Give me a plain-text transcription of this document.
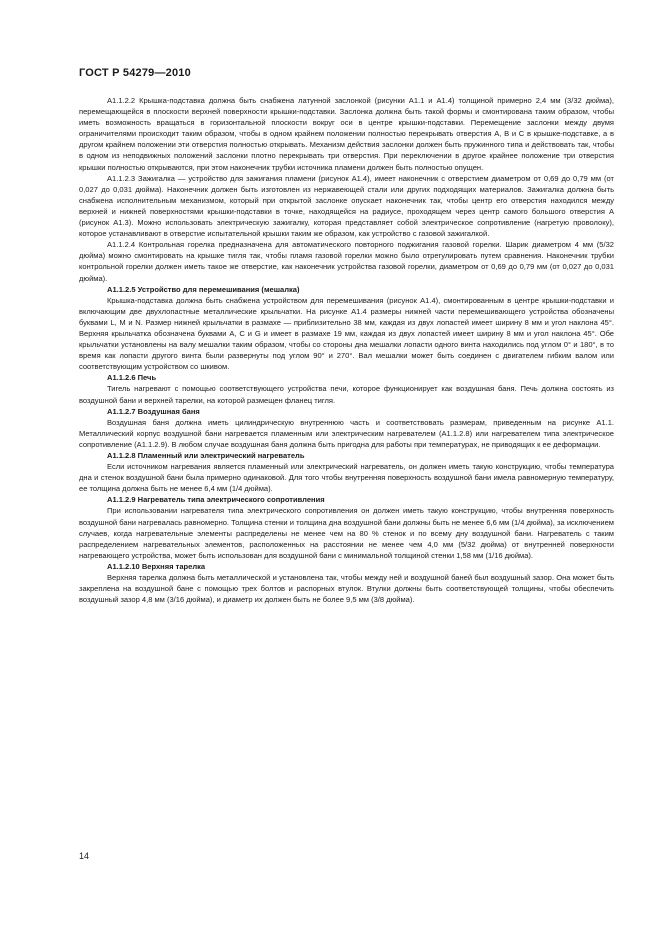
ГОСТ Р 54279—2010

A1.1.2.2 Крышка-подставка должна быть снабжена латунной заслонкой (рисунки A1.1 и A1.4) толщиной примерно 2,4 мм (3/32 дюйма), перемещающейся в плоскости верхней поверхности крышки-подставки. Заслонка должна быть такой формы и смонтирована таким образом, чтобы иметь возможность вращаться в горизонтальной плоскости вокруг оси в центре крышки-подставки. Перемещение заслонки между двумя ограничителями происходит таким образом, чтобы в одном крайнем положении полностью перекрывать отверстия A, B и C в крышке-подставке, а в другом крайнем положении эти отверстия полностью открывать. Механизм действия заслонки должен быть пружинного типа и действовать так, чтобы в одном из неподвижных положений заслонки плотно перекрывать три отверстия. При переключении в другое крайнее положение три отверстия крышки полностью открываются, при этом наконечник трубки источника пламени должен быть полностью опущен.

A1.1.2.3 Зажигалка — устройство для зажигания пламени (рисунок A1.4), имеет наконечник с отверстием диаметром от 0,69 до 0,79 мм (от 0,027 до 0,031 дюйма). Наконечник должен быть изготовлен из нержавеющей стали или других подходящих материалов. Зажигалка должна быть снабжена исполнительным механизмом, который при открытой заслонке опускает наконечник так, чтобы центр его отверстия находился между верхней и нижней поверхностями крышки-подставки в точке, находящейся на радиусе, проходящем через центр самого большого отверстия A (рисунок A1.3). Можно использовать электрическую зажигалку, которая представляет собой электрическое сопротивление (нагретую проволоку), которое устанавливают в отверстие испытательной крышки таким же образом, как устройство с газовой зажигалкой.

A1.1.2.4 Контрольная горелка предназначена для автоматического повторного поджигания газовой горелки. Шарик диаметром 4 мм (5/32 дюйма) можно смонтировать на крышке тигля так, чтобы пламя газовой горелки можно было отрегулировать путем сравнения. Наконечник трубки контрольной горелки должен иметь такое же отверстие, как наконечник устройства газовой горелки, диаметром от 0,69 до 0,79 мм (от 0,027 до 0,031 дюйма).

A1.1.2.5 Устройство для перемешивания (мешалка)

Крышка-подставка должна быть снабжена устройством для перемешивания (рисунок A1.4), смонтированным в центре крышки-подставки и включающим две двухлопастные металлические крыльчатки. На рисунке A1.4 размеры нижней части перемешивающего устройства обозначены буквами L, M и N. Размер нижней крыльчатки в размахе — приблизительно 38 мм, каждая из двух лопастей имеет ширину 8 мм и угол наклона 45°. Верхняя крыльчатка обозначена буквами A, C и G и имеет в размахе 19 мм, каждая из двух лопастей имеет ширину 8 мм и угол наклона 45°. Обе крыльчатки установлены на валу мешалки таким образом, чтобы со стороны дна мешалки лопасти одного винта находились под углом 0° и 180°, в то время как лопасти другого винта были развернуты под углом 90° и 270°. Вал мешалки может быть соединен с двигателем гибким валом или соответствующим устройством со шкивом.

A1.1.2.6 Печь

Тигель нагревают с помощью соответствующего устройства печи, которое функционирует как воздушная баня. Печь должна состоять из воздушной бани и верхней тарелки, на которой размещен фланец тигля.

A1.1.2.7 Воздушная баня

Воздушная баня должна иметь цилиндрическую внутреннюю часть и соответствовать размерам, приведенным на рисунке A1.1. Металлический корпус воздушной бани нагревается пламенным или электрическим нагревателем (A1.1.2.8) или нагревателем типа электрическое сопротивление (A1.1.2.9). В любом случае воздушная баня должна быть пригодна для работы при температурах, не приводящих к ее деформации.

A1.1.2.8 Пламенный или электрический нагреватель

Если источником нагревания является пламенный или электрический нагреватель, он должен иметь такую конструкцию, чтобы температура дна и стенок воздушной бани была примерно одинаковой. Для того чтобы внутренняя поверхность воздушной бани имела равномерную температуру, ее толщина должна быть не менее 6,4 мм (1/4 дюйма).

A1.1.2.9 Нагреватель типа электрического сопротивления

При использовании нагревателя типа электрического сопротивления он должен иметь такую конструкцию, чтобы внутренняя поверхность воздушной бани нагревалась равномерно. Толщина стенки и толщина дна воздушной бани должны быть не менее 6,6 мм (1/4 дюйма), за исключением случаев, когда нагревательные элементы распределены не менее чем на 80 % стенок и по всему дну воздушной бани. Нагреватель с таким распределением нагревательных элементов, расположенных на расстоянии не менее чем 4,0 мм (5/32 дюйма) от внутренней поверхности нагревающего устройства, может быть использован для воздушной бани с минимальной толщиной стенки 1,58 мм (1/16 дюйма).

A1.1.2.10 Верхняя тарелка

Верхняя тарелка должна быть металлической и установлена так, чтобы между ней и воздушной баней был воздушный зазор. Она может быть закреплена на воздушной бане с помощью трех болтов и распорных втулок. Втулки должны быть соответствующей толщины, чтобы обеспечить воздушный зазор 4,8 мм (3/16 дюйма), и диаметр их должен быть не более 9,5 мм (3/8 дюйма).

14
